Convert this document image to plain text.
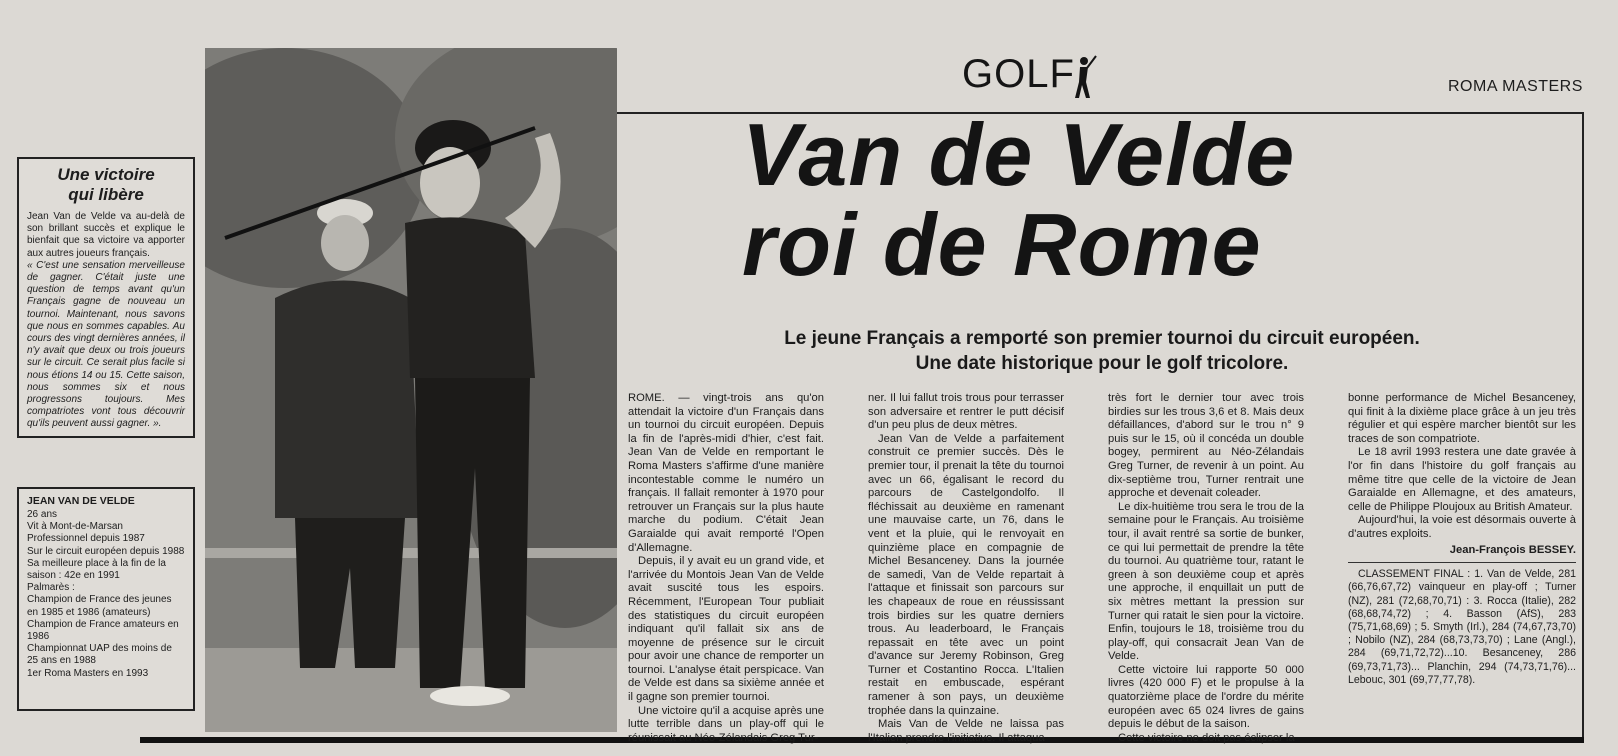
GOLF	ROMA MASTERS
Une victoire
qui libère

Jean Van de Velde va au-delà de son brillant succès et explique le bienfait que sa victoire va apporter aux autres joueurs français.

« C'est une sensation merveilleuse de gagner. C'était juste une question de temps avant qu'un Français gagne de nouveau un tournoi. Maintenant, nous savons que nous en sommes capables. Au cours des vingt dernières années, il n'y avait que deux ou trois joueurs sur le circuit. Ce serait plus facile si nous étions 14 ou 15. Cette saison, nous sommes six et nous progressons toujours. Mes compatriotes vont tous découvrir qu'ils peuvent aussi gagner. ».

JEAN VAN DE VELDE

26 ans

Vit à Mont-de-Marsan

Professionnel depuis 1987

Sur le circuit européen depuis 1988

Sa meilleure place à la fin de la saison : 42e en 1991

Palmarès :

Champion de France des jeunes en 1985 et 1986 (amateurs)

Champion de France amateurs en 1986

Championnat UAP des moins de 25 ans en 1988

1er Roma Masters en 1993

Van de Velde
roi de Rome
Le jeune Français a remporté son premier tournoi du circuit européen.
Une date historique pour le golf tricolore.

ROME. — vingt-trois ans qu'on attendait la victoire d'un Français dans un tournoi du circuit européen. Depuis la fin de l'après-midi d'hier, c'est fait. Jean Van de Velde en remportant le Roma Masters s'affirme d'une manière incontestable comme le numéro un français. Il fallait remonter à 1970 pour retrouver un Français sur la plus haute marche du podium. C'était Jean Garaialde qui avait remporté l'Open d'Allemagne.

Depuis, il y avait eu un grand vide, et l'arrivée du Montois Jean Van de Velde avait suscité tous les espoirs. Récemment, l'European Tour publiait des statistiques du circuit européen indiquant qu'il fallait six ans de moyenne de présence sur le circuit pour avoir une chance de remporter un tournoi. L'analyse était perspicace. Van de Velde est dans sa sixième année et il gagne son premier tournoi.

Une victoire qu'il a acquise après une lutte terrible dans un play-off qui le réunissait au Néo-Zélandais Greg Tur-

ner. Il lui fallut trois trous pour terrasser son adversaire et rentrer le putt décisif d'un peu plus de deux mètres.

Jean Van de Velde a parfaitement construit ce premier succès. Dès le premier tour, il prenait la tête du tournoi avec un 66, égalisant le record du parcours de Castelgondolfo. Il fléchissait au deuxième en ramenant une mauvaise carte, un 76, dans le vent et la pluie, qui le renvoyait en quinzième place en compagnie de Michel Besanceney. Dans la journée de samedi, Van de Velde repartait à l'attaque et finissait son parcours sur les chapeaux de roue en réussissant trois birdies sur les quatre derniers trous. Au leaderboard, le Français repassait en tête avec un point d'avance sur Jeremy Robinson, Greg Turner et Costantino Rocca. L'Italien restait en embuscade, espérant ramener à son pays, un deuxième trophée dans la quinzaine.

Mais Van de Velde ne laissa pas l'Italien prendre l'initiative. Il attaqua

très fort le dernier tour avec trois birdies sur les trous 3,6 et 8. Mais deux défaillances, d'abord sur le trou n° 9 puis sur le 15, où il concéda un double bogey, permirent au Néo-Zélandais Greg Turner, de revenir à un point. Au dix-septième trou, Turner rentrait une approche et devenait coleader.

Le dix-huitième trou sera le trou de la semaine pour le Français. Au troisième tour, il avait rentré sa sortie de bunker, ce qui lui permettait de prendre la tête du tournoi. Au quatrième tour, ratant le green à son deuxième coup et après une approche, il enquillait un putt de six mètres mettant la pression sur Turner qui ratait le sien pour la victoire. Enfin, toujours le 18, troisième trou du play-off, qui consacrait Jean Van de Velde.

Cette victoire lui rapporte 50 000 livres (420 000 F) et le propulse à la quatorzième place de l'ordre du mérite européen avec 65 024 livres de gains depuis le début de la saison.

Cette victoire ne doit pas éclipser la

bonne performance de Michel Besanceney, qui finit à la dixième place grâce à un jeu très régulier et qui espère marcher bientôt sur les traces de son compatriote.

Le 18 avril 1993 restera une date gravée à l'or fin dans l'histoire du golf français au même titre que celle de la victoire de Jean Garaialde en Allemagne, et des amateurs, celle de Philippe Ploujoux au British Amateur.

Aujourd'hui, la voie est désormais ouverte à d'autres exploits.

Jean-François BESSEY.

CLASSEMENT FINAL : 1. Van de Velde, 281 (66,76,67,72) vainqueur en play-off ; Turner (NZ), 281 (72,68,70,71) : 3. Rocca (Italie), 282 (68,68,74,72) ; 4. Basson (AfS), 283 (75,71,68,69) ; 5. Smyth (Irl.), 284 (74,67,73,70) ; Nobilo (NZ), 284 (68,73,73,70) ; Lane (Angl.), 284 (69,71,72,72)...10. Besanceney, 286 (69,73,71,73)... Planchin, 294 (74,73,71,76)... Lebouc, 301 (69,77,77,78).
